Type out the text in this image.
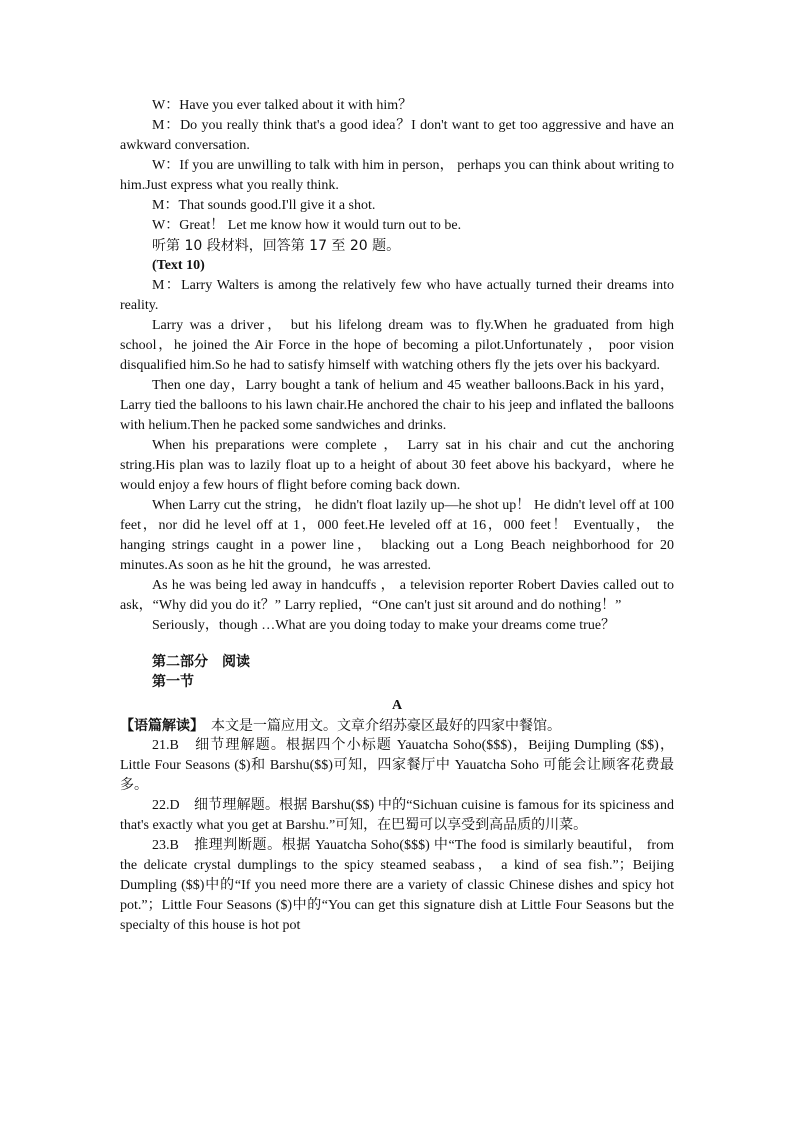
W：Have you ever talked about it with him？

M：Do you really think that's a good idea？I don't want to get too aggressive and have an awkward conversation.

W：If you are unwilling to talk with him in person， perhaps you can think about writing to him.Just express what you really think.

M：That sounds good.I'll give it a shot.

W：Great！ Let me know how it would turn out to be.

听第 10 段材料，回答第 17 至 20 题。

(Text 10)

M：Larry Walters is among the relatively few who have actually turned their dreams into reality.

Larry was a driver， but his lifelong dream was to fly.When he graduated from high school，he joined the Air Force in the hope of becoming a pilot.Unfortunately ， poor vision disqualified him.So he had to satisfy himself with watching others fly the jets over his backyard.

Then one day，Larry bought a tank of helium and 45 weather balloons.Back in his yard，Larry tied the balloons to his lawn chair.He anchored the chair to his jeep and inflated the balloons with helium.Then he packed some sandwiches and drinks.

When his preparations were complete ， Larry sat in his chair and cut the anchoring string.His plan was to lazily float up to a height of about 30 feet above his backyard，where he would enjoy a few hours of flight before coming back down.

When Larry cut the string， he didn't float lazily up—he shot up！ He didn't level off at 100 feet，nor did he level off at 1，000 feet.He leveled off at 16，000 feet！ Eventually， the hanging strings caught in a power line， blacking out a Long Beach neighborhood for 20 minutes.As soon as he hit the ground，he was arrested.

As he was being led away in handcuffs ， a television reporter Robert Davies called out to ask，“Why did you do it？” Larry replied，“One can't just sit around and do nothing！”

Seriously，though …What are you doing today to make your dreams come true？

第二部分　阅读

第一节

A

【语篇解读】　本文是一篇应用文。文章介绍苏豪区最好的四家中餐馆。

21.B　细节理解题。根据四个小标题 Yauatcha Soho($$$)，Beijing Dumpling ($$)，Little Four Seasons ($)和 Barshu($$)可知，四家餐厅中 Yauatcha Soho 可能会让顾客花费最多。

22.D　细节理解题。根据 Barshu($$) 中的“Sichuan cuisine is famous for its spiciness and that's exactly what you get at Barshu.”可知，在巴蜀可以享受到高品质的川菜。

23.B　推理判断题。根据 Yauatcha Soho($$$) 中“The food is similarly beautiful， from the delicate crystal dumplings to the spicy steamed seabass， a kind of sea fish.”；Beijing Dumpling ($$)中的“If you need more there are a variety of classic Chinese dishes and spicy hot pot.”；Little Four Seasons ($)中的“You can get this signature dish at Little Four Seasons but the specialty of this house is hot pot
